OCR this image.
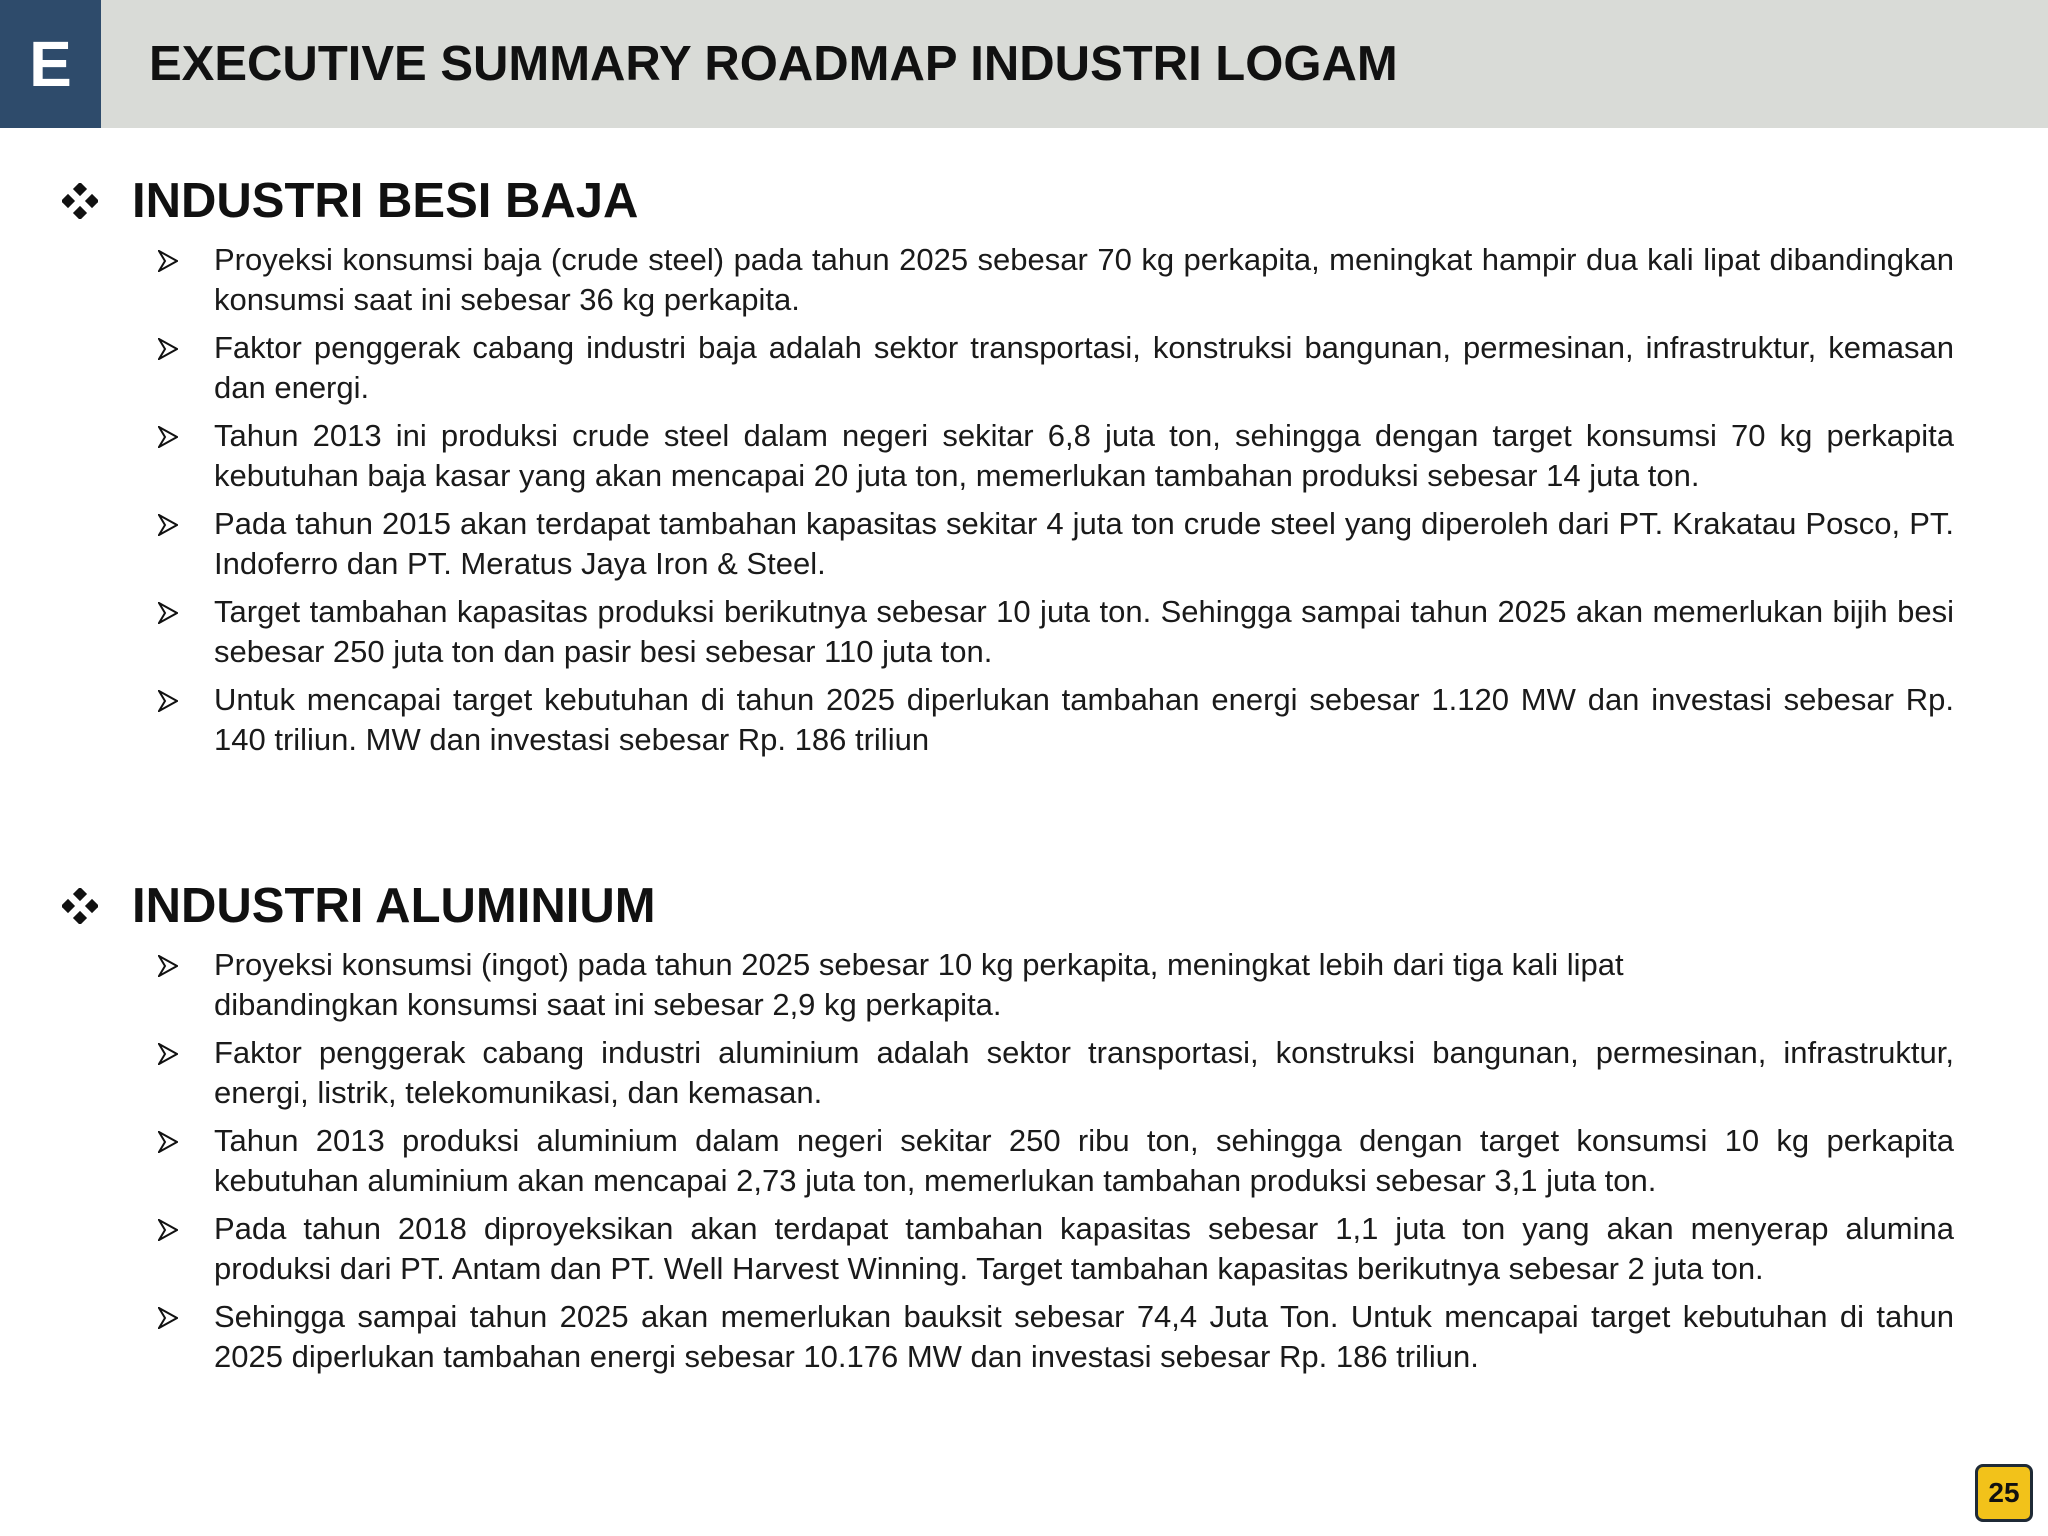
E	EXECUTIVE SUMMARY ROADMAP INDUSTRI LOGAM
INDUSTRI BESI BAJA
Proyeksi konsumsi baja (crude steel) pada tahun 2025 sebesar 70 kg perkapita, meningkat hampir dua kali lipat dibandingkan konsumsi saat ini sebesar 36 kg perkapita.
Faktor penggerak cabang industri baja adalah sektor transportasi, konstruksi bangunan, permesinan, infrastruktur, kemasan dan energi.
Tahun 2013 ini produksi crude steel dalam negeri sekitar 6,8 juta ton, sehingga dengan target konsumsi 70 kg perkapita kebutuhan baja kasar yang akan mencapai 20 juta ton, memerlukan tambahan produksi sebesar 14 juta ton.
Pada tahun 2015 akan terdapat tambahan kapasitas sekitar 4 juta ton crude steel yang diperoleh dari PT. Krakatau Posco, PT. Indoferro dan PT. Meratus Jaya Iron & Steel.
Target tambahan kapasitas produksi berikutnya sebesar 10 juta ton. Sehingga sampai tahun 2025 akan memerlukan bijih besi sebesar 250 juta ton dan pasir besi sebesar 110 juta ton.
Untuk mencapai target kebutuhan di tahun 2025 diperlukan tambahan energi sebesar 1.120 MW dan investasi sebesar Rp. 140 triliun. MW dan investasi sebesar Rp. 186 triliun
INDUSTRI ALUMINIUM
Proyeksi konsumsi (ingot) pada tahun 2025 sebesar 10 kg perkapita, meningkat lebih dari tiga kali lipat dibandingkan konsumsi saat ini sebesar 2,9 kg perkapita.
Faktor penggerak cabang industri aluminium adalah sektor transportasi, konstruksi bangunan, permesinan, infrastruktur, energi, listrik, telekomunikasi, dan kemasan.
Tahun 2013 produksi aluminium dalam negeri sekitar 250 ribu ton, sehingga dengan target konsumsi 10 kg perkapita kebutuhan aluminium akan mencapai 2,73 juta ton, memerlukan tambahan produksi sebesar 3,1 juta ton.
Pada tahun 2018 diproyeksikan akan terdapat tambahan kapasitas sebesar 1,1 juta ton yang akan menyerap alumina produksi dari PT. Antam dan PT. Well Harvest Winning. Target tambahan kapasitas berikutnya sebesar 2 juta ton.
Sehingga sampai tahun 2025 akan memerlukan bauksit sebesar 74,4 Juta Ton. Untuk mencapai target kebutuhan di tahun 2025 diperlukan tambahan energi sebesar 10.176 MW dan investasi sebesar Rp. 186 triliun.
25
